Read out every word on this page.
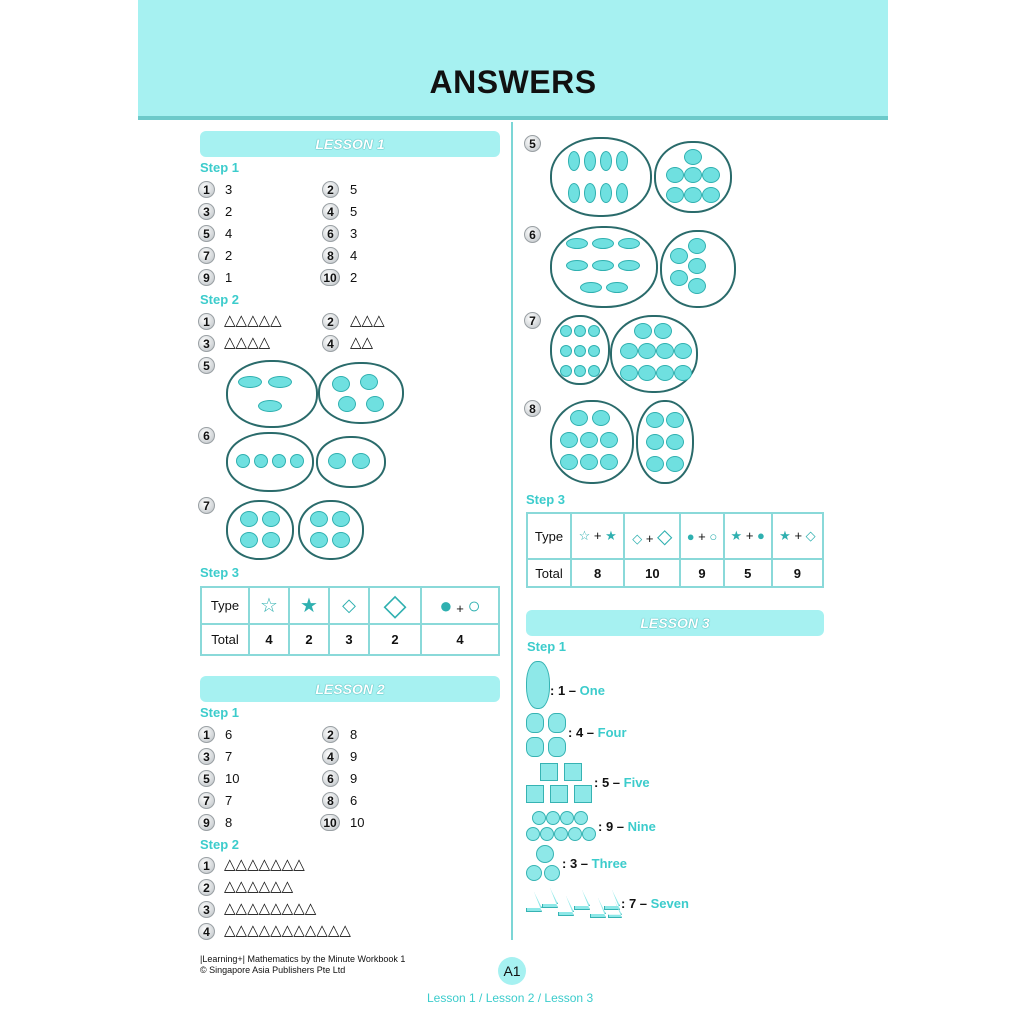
ANSWERS
LESSON 1
Step 1
1	3	2	5
3	2	4	5
5	4	6	3
7	2	8	4
9	1	10 2
Step 2
1 △△△△△	2	△△△
3 △△△△	4	△△
5
6
7
Step 3
Type	☆	★	◇	◇	● + ○
Total	4	2	3	2	4
LESSON 2
Step 1
1	6	2	8
3	7	4	9
5	10	6	9
7	7	8	6
9	8	10 10
Step 2
1 △△△△△△△
2 △△△△△△
3 △△△△△△△△
4 △△△△△△△△△△△
5
6
7
8
Step 3
Type	☆ + ★	◇ + ◇	● + ○	★ + ●	★ + ◇
Total	8	10	9	5	9
LESSON 3
Step 1
: 1 – One
: 4 – Four
: 5 – Five
: 9 – Nine
: 3 – Three
: 7 – Seven
|Learning+| Mathematics by the Minute Workbook 1
© Singapore Asia Publishers Pte Ltd	A1
Lesson 1 / Lesson 2 / Lesson 3
